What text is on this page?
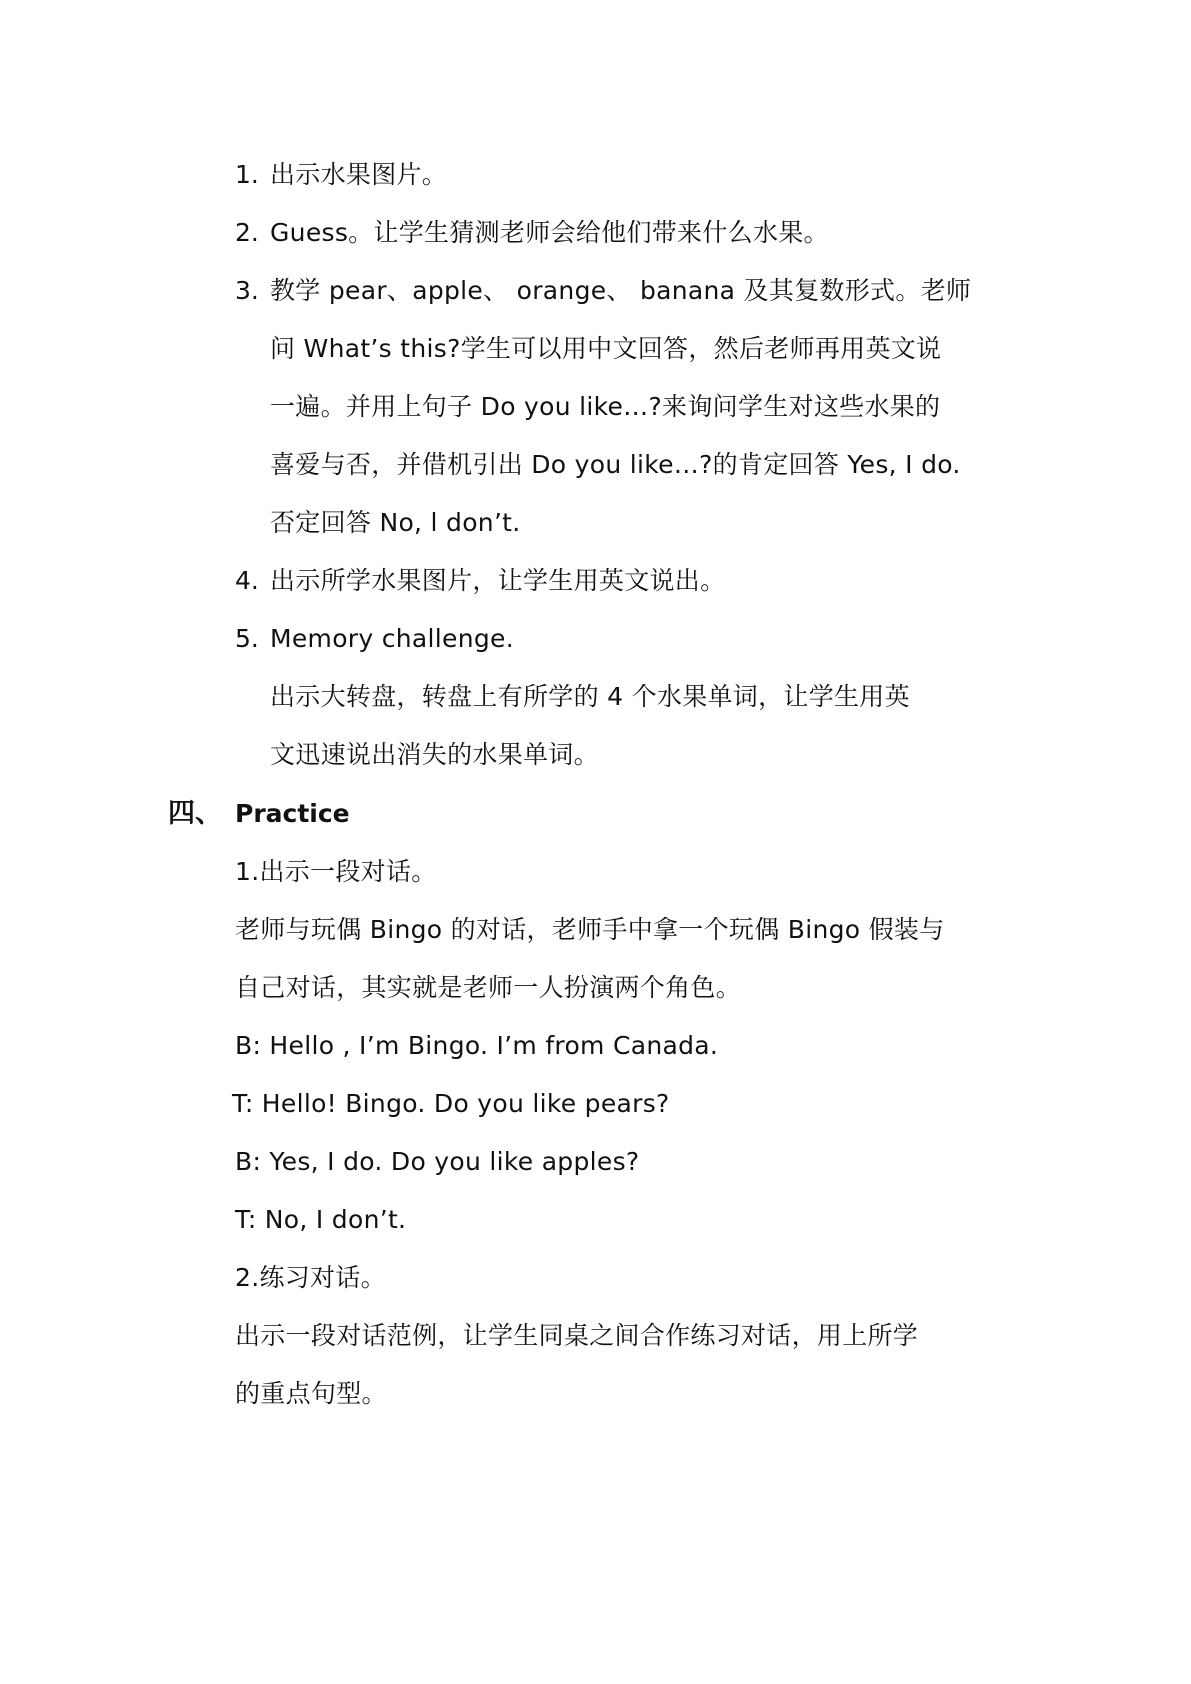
1. 出示水果图片。
2. Guess。让学生猜测老师会给他们带来什么水果。
3. 教学 pear、apple、 orange、 banana 及其复数形式。老师
问 What’s this?学生可以用中文回答，然后老师再用英文说
一遍。并用上句子 Do you like…?来询问学生对这些水果的
喜爱与否，并借机引出 Do you like…?的肯定回答 Yes, I do.
否定回答 No, l don’t.
4. 出示所学水果图片，让学生用英文说出。
5. Memory challenge.
出示大转盘，转盘上有所学的 4 个水果单词，让学生用英
文迅速说出消失的水果单词。
四、 Practice
1.出示一段对话。
老师与玩偶 Bingo 的对话，老师手中拿一个玩偶 Bingo 假装与
自己对话，其实就是老师一人扮演两个角色。
B: Hello , I’m Bingo. I’m from Canada.
T: Hello! Bingo. Do you like pears?
B: Yes, I do. Do you like apples?
T: No, I don’t.
2.练习对话。
出示一段对话范例，让学生同桌之间合作练习对话，用上所学
的重点句型。
